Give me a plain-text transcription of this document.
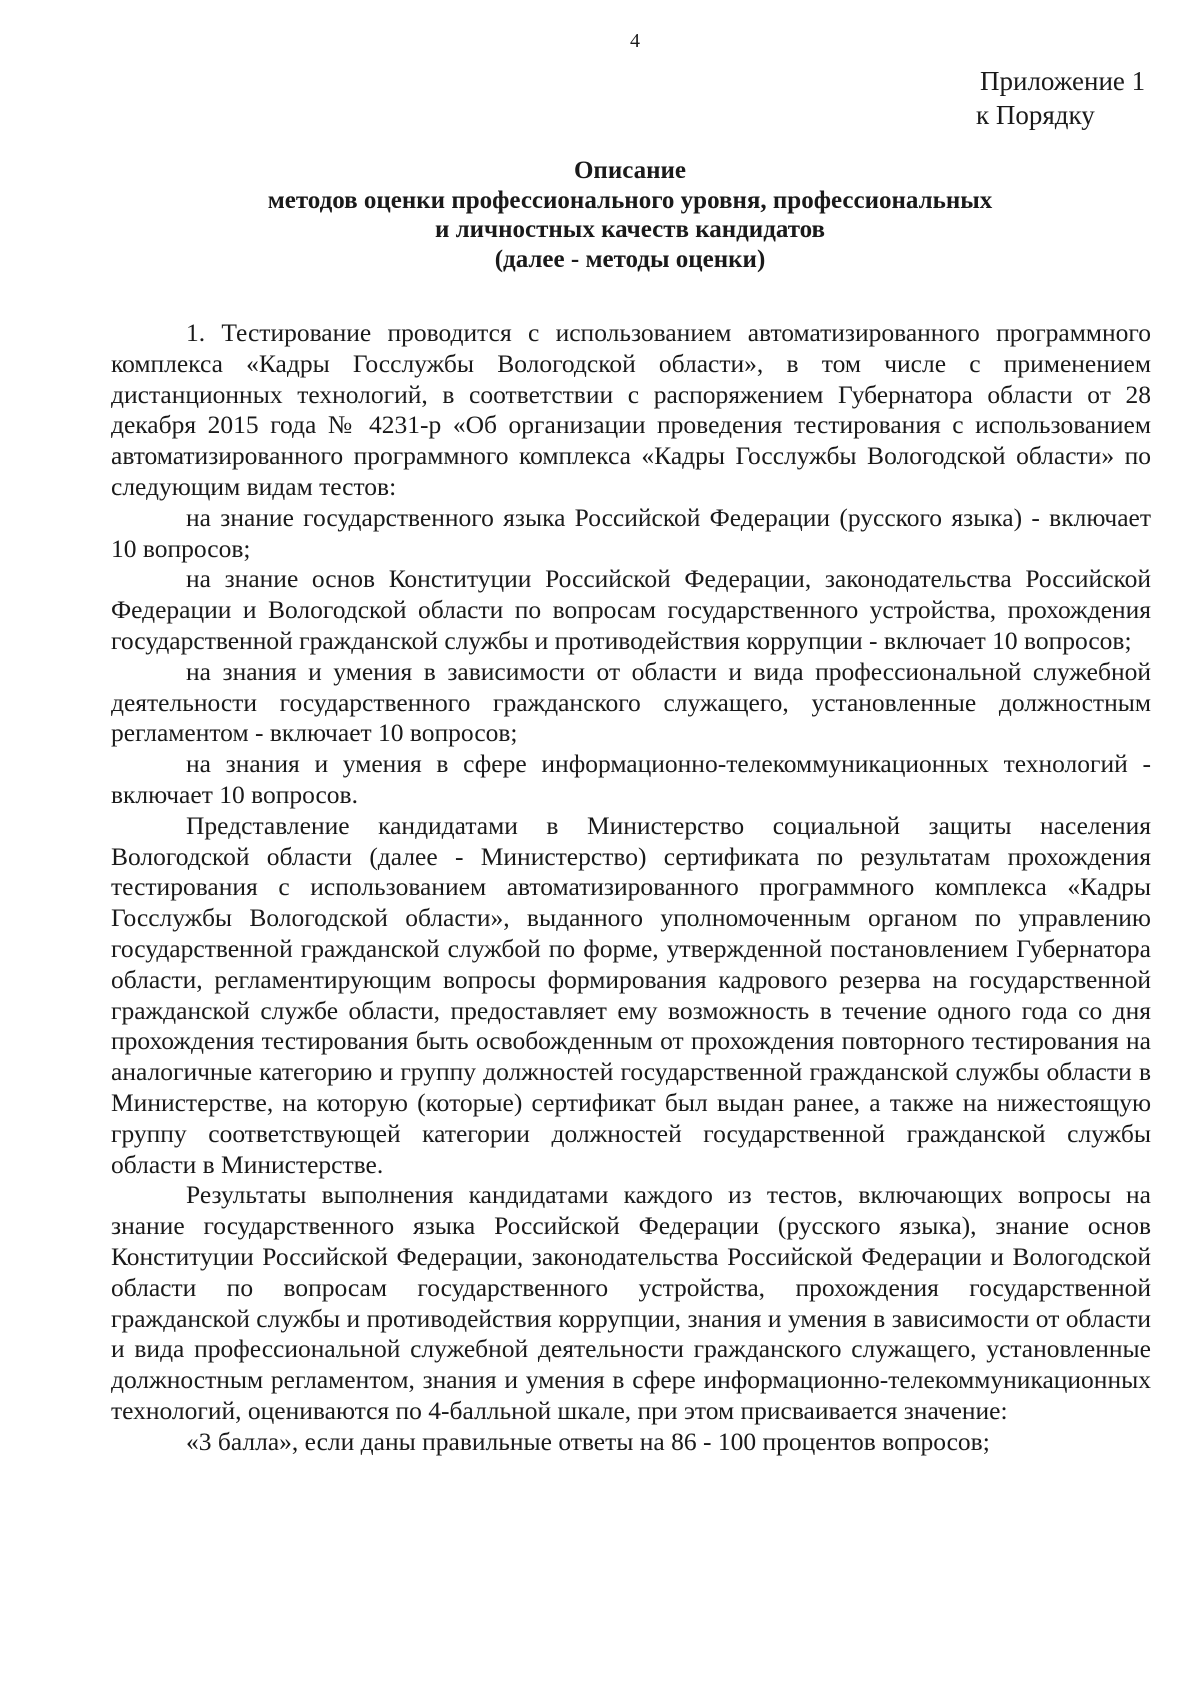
4
Приложение 1
к Порядку
Описание
методов оценки профессионального уровня, профессиональных
и личностных качеств кандидатов
(далее - методы оценки)

1. Тестирование проводится с использованием автоматизированного программного комплекса «Кадры Госслужбы Вологодской области», в том числе с применением дистанционных технологий, в соответствии с распоряжением Губернатора области от 28 декабря 2015 года № 4231-р «Об организации проведения тестирования с использованием автоматизированного программного комплекса «Кадры Госслужбы Вологодской области» по следующим видам тестов:

на знание государственного языка Российской Федерации (русского языка) - включает 10 вопросов;

на знание основ Конституции Российской Федерации, законодательства Российской Федерации и Вологодской области по вопросам государственного устройства, прохождения государственной гражданской службы и противодействия коррупции - включает 10 вопросов;

на знания и умения в зависимости от области и вида профессиональной служебной деятельности государственного гражданского служащего, установленные должностным регламентом - включает 10 вопросов;

на знания и умения в сфере информационно-телекоммуникационных технологий - включает 10 вопросов.

Представление кандидатами в Министерство социальной защиты населения Вологодской области (далее - Министерство) сертификата по результатам прохождения тестирования с использованием автоматизированного программного комплекса «Кадры Госслужбы Вологодской области», выданного уполномоченным органом по управлению государственной гражданской службой по форме, утвержденной постановлением Губернатора области, регламентирующим вопросы формирования кадрового резерва на государственной гражданской службе области, предоставляет ему возможность в течение одного года со дня прохождения тестирования быть освобожденным от прохождения повторного тестирования на аналогичные категорию и группу должностей государственной гражданской службы области в Министерстве, на которую (которые) сертификат был выдан ранее, а также на нижестоящую группу соответствующей категории должностей государственной гражданской службы области в Министерстве.

Результаты выполнения кандидатами каждого из тестов, включающих вопросы на знание государственного языка Российской Федерации (русского языка), знание основ Конституции Российской Федерации, законодательства Российской Федерации и Вологодской области по вопросам государственного устройства, прохождения государственной гражданской службы и противодействия коррупции, знания и умения в зависимости от области и вида профессиональной служебной деятельности гражданского служащего, установленные должностным регламентом, знания и умения в сфере информационно-телекоммуникационных технологий, оцениваются по 4-балльной шкале, при этом присваивается значение:

«3 балла», если даны правильные ответы на 86 - 100 процентов вопросов;
